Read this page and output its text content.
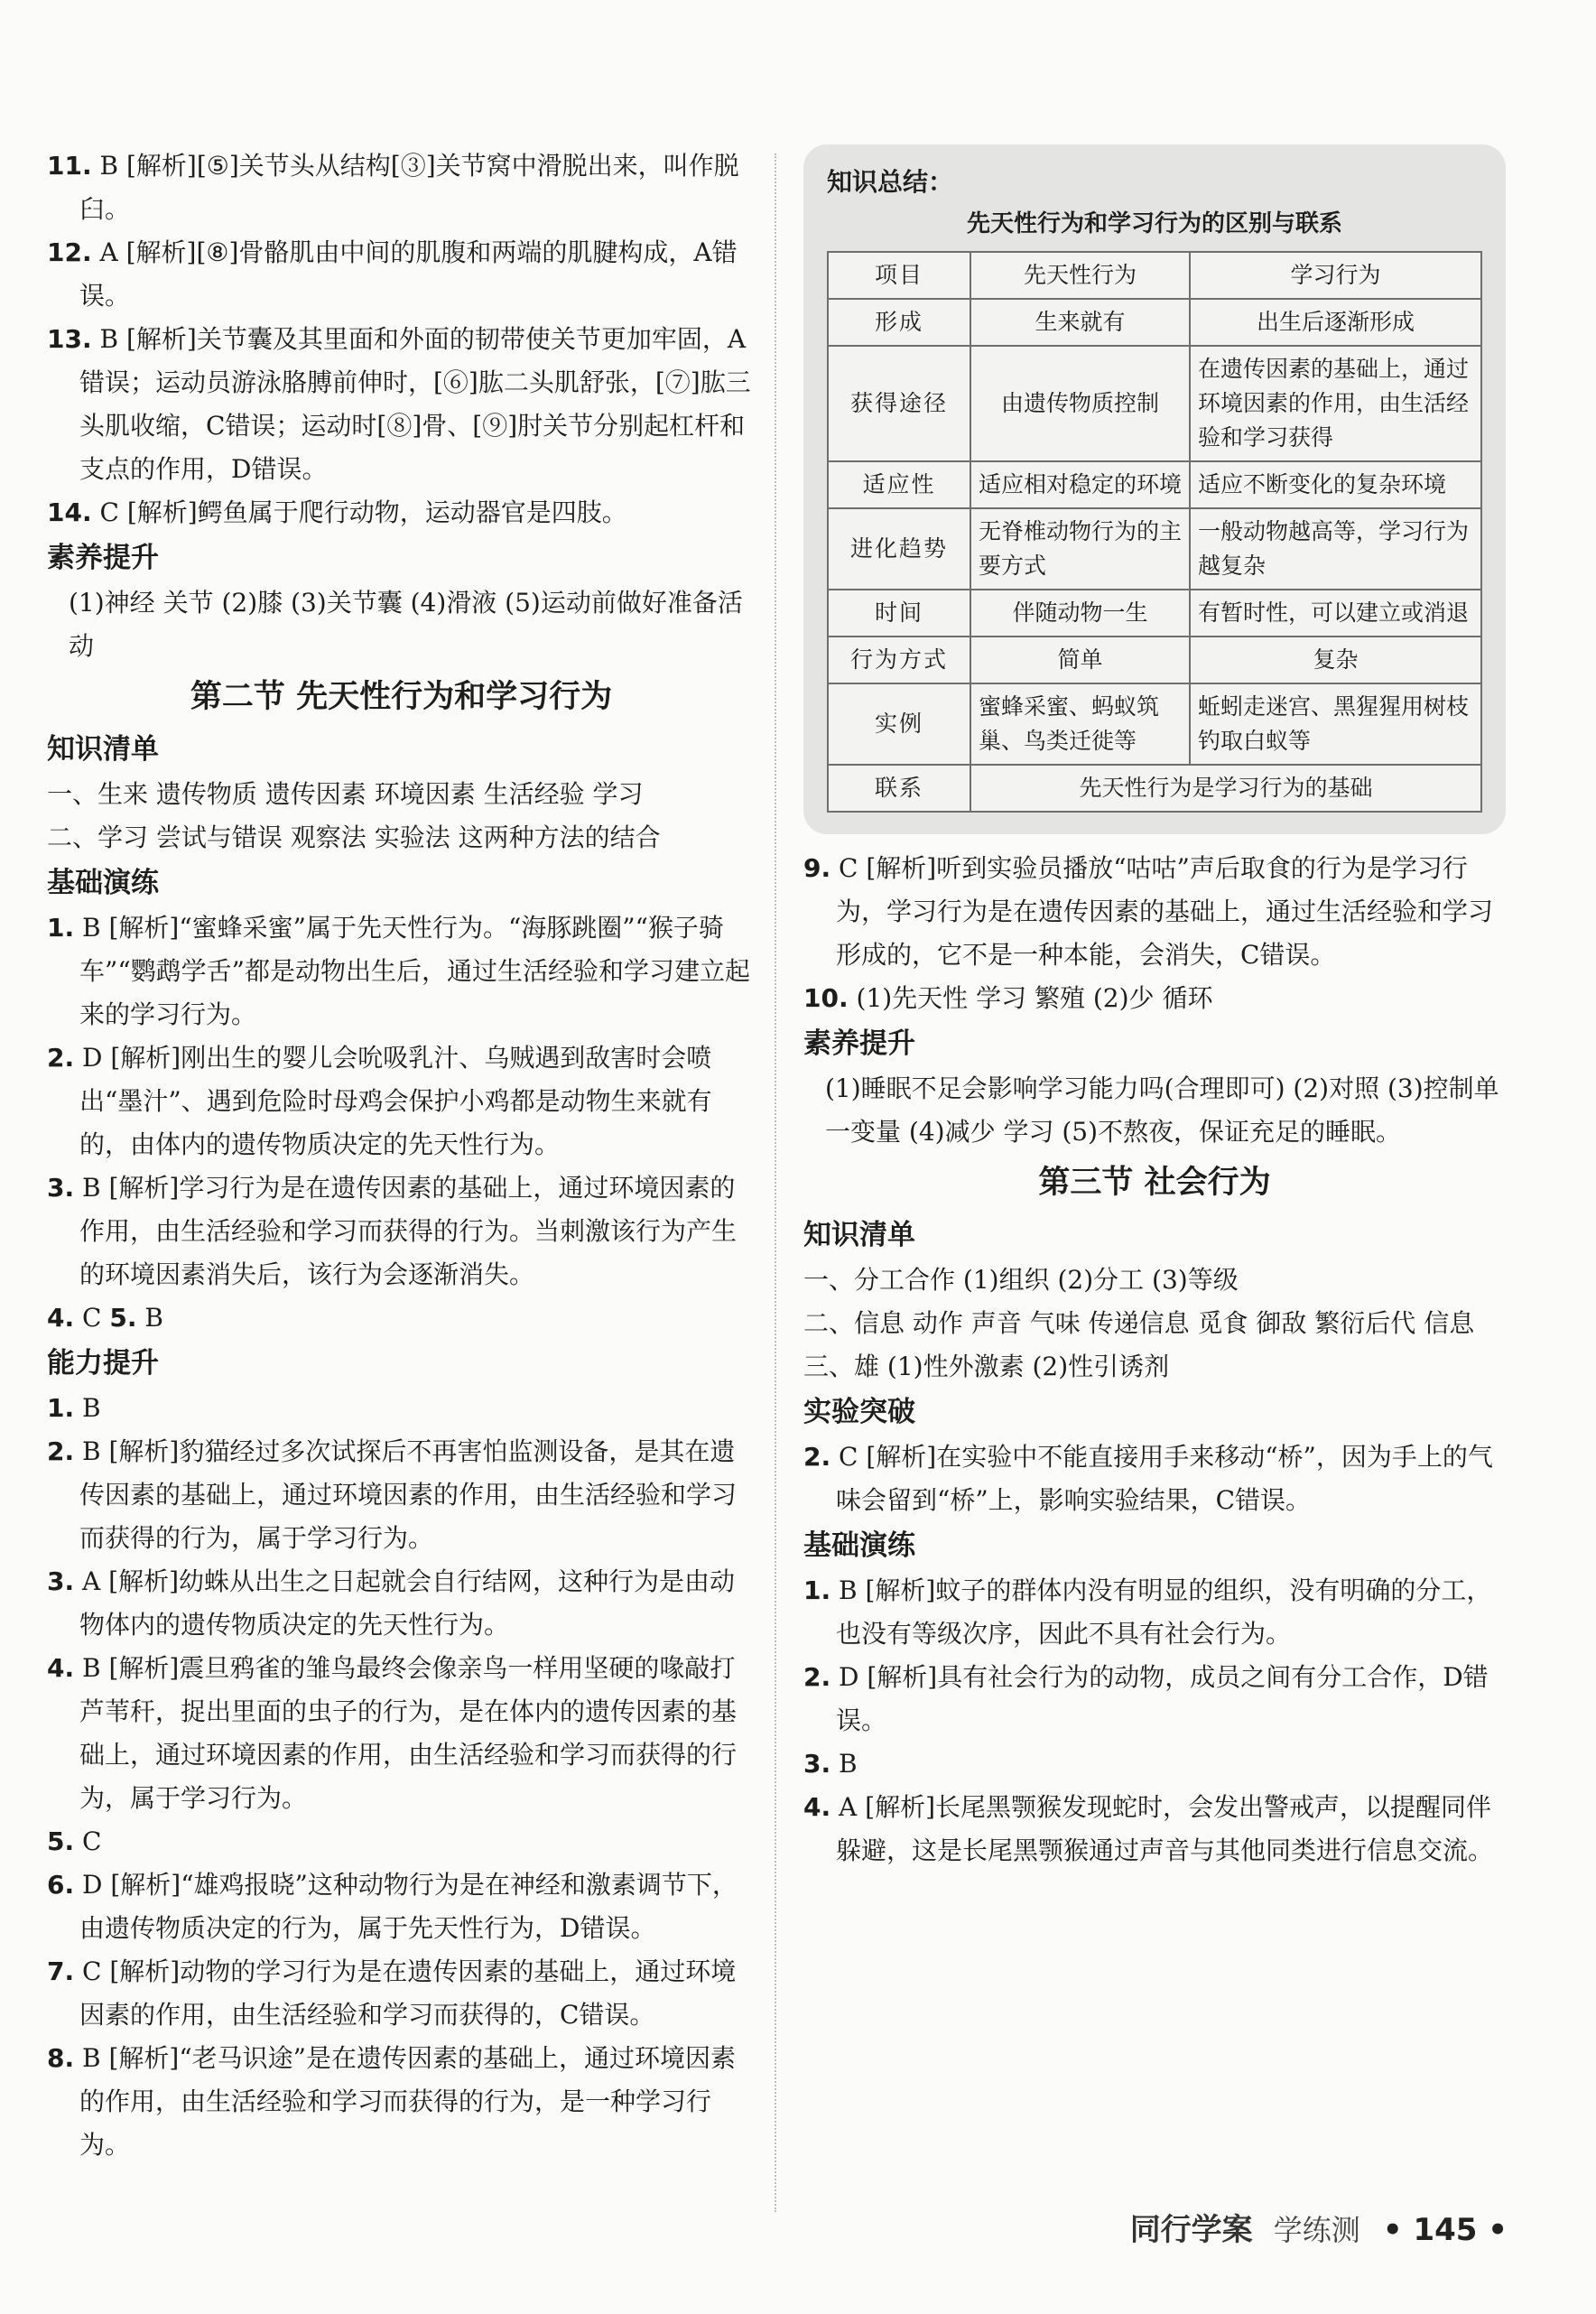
11. B [解析][⑤]关节头从结构[③]关节窝中滑脱出来，叫作脱臼。

12. A [解析][⑧]骨骼肌由中间的肌腹和两端的肌腱构成，A错误。

13. B [解析]关节囊及其里面和外面的韧带使关节更加牢固，A错误；运动员游泳胳膊前伸时，[⑥]肱二头肌舒张，[⑦]肱三头肌收缩，C错误；运动时[⑧]骨、[⑨]肘关节分别起杠杆和支点的作用，D错误。

14. C [解析]鳄鱼属于爬行动物，运动器官是四肢。

素养提升

(1)神经 关节 (2)膝 (3)关节囊 (4)滑液 (5)运动前做好准备活动

第二节 先天性行为和学习行为

知识清单

一、生来 遗传物质 遗传因素 环境因素 生活经验 学习

二、学习 尝试与错误 观察法 实验法 这两种方法的结合

基础演练

1. B [解析]“蜜蜂采蜜”属于先天性行为。“海豚跳圈”“猴子骑车”“鹦鹉学舌”都是动物出生后，通过生活经验和学习建立起来的学习行为。

2. D [解析]刚出生的婴儿会吮吸乳汁、乌贼遇到敌害时会喷出“墨汁”、遇到危险时母鸡会保护小鸡都是动物生来就有的，由体内的遗传物质决定的先天性行为。

3. B [解析]学习行为是在遗传因素的基础上，通过环境因素的作用，由生活经验和学习而获得的行为。当刺激该行为产生的环境因素消失后，该行为会逐渐消失。

4. C 5. B

能力提升

1. B

2. B [解析]豹猫经过多次试探后不再害怕监测设备，是其在遗传因素的基础上，通过环境因素的作用，由生活经验和学习而获得的行为，属于学习行为。

3. A [解析]幼蛛从出生之日起就会自行结网，这种行为是由动物体内的遗传物质决定的先天性行为。

4. B [解析]震旦鸦雀的雏鸟最终会像亲鸟一样用坚硬的喙敲打芦苇秆，捉出里面的虫子的行为，是在体内的遗传因素的基础上，通过环境因素的作用，由生活经验和学习而获得的行为，属于学习行为。

5. C

6. D [解析]“雄鸡报晓”这种动物行为是在神经和激素调节下，由遗传物质决定的行为，属于先天性行为，D错误。

7. C [解析]动物的学习行为是在遗传因素的基础上，通过环境因素的作用，由生活经验和学习而获得的，C错误。

8. B [解析]“老马识途”是在遗传因素的基础上，通过环境因素的作用，由生活经验和学习而获得的行为，是一种学习行为。

知识总结：
先天性行为和学习行为的区别与联系
项目	先天性行为	学习行为
形成	生来就有	出生后逐渐形成
获得途径	由遗传物质控制	在遗传因素的基础上，通过环境因素的作用，由生活经验和学习获得
适应性	适应相对稳定的环境	适应不断变化的复杂环境
进化趋势	无脊椎动物行为的主要方式	一般动物越高等，学习行为越复杂
时间	伴随动物一生	有暂时性，可以建立或消退
行为方式	简单	复杂
实例	蜜蜂采蜜、蚂蚁筑巢、鸟类迁徙等	蚯蚓走迷宫、黑猩猩用树枝钓取白蚁等
联系	先天性行为是学习行为的基础	

9. C [解析]听到实验员播放“咕咕”声后取食的行为是学习行为，学习行为是在遗传因素的基础上，通过生活经验和学习形成的，它不是一种本能，会消失，C错误。

10. (1)先天性 学习 繁殖 (2)少 循环

素养提升

(1)睡眠不足会影响学习能力吗(合理即可) (2)对照 (3)控制单一变量 (4)减少 学习 (5)不熬夜，保证充足的睡眠。

第三节 社会行为

知识清单

一、分工合作 (1)组织 (2)分工 (3)等级

二、信息 动作 声音 气味 传递信息 觅食 御敌 繁衍后代 信息

三、雄 (1)性外激素 (2)性引诱剂

实验突破

2. C [解析]在实验中不能直接用手来移动“桥”，因为手上的气味会留到“桥”上，影响实验结果，C错误。

基础演练

1. B [解析]蚊子的群体内没有明显的组织，没有明确的分工，也没有等级次序，因此不具有社会行为。

2. D [解析]具有社会行为的动物，成员之间有分工合作，D错误。

3. B

4. A [解析]长尾黑颚猴发现蛇时，会发出警戒声，以提醒同伴躲避，这是长尾黑颚猴通过声音与其他同类进行信息交流。

同行学案 学练测 • 145 •
